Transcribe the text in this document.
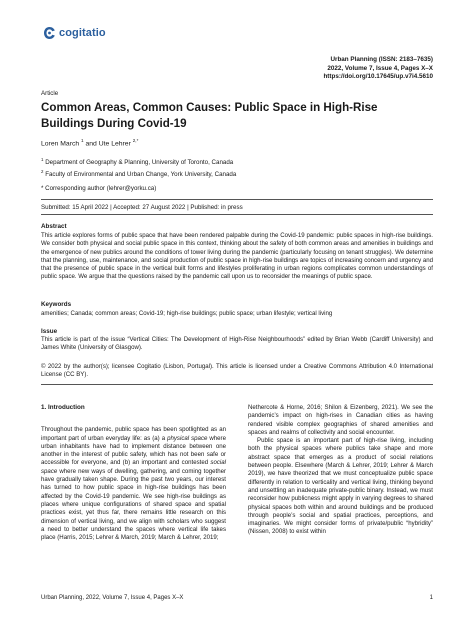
cogitatio
Urban Planning (ISSN: 2183–7635)
2022, Volume 7, Issue 4, Pages X–X
https://doi.org/10.17645/up.v7i4.5610
Article
Common Areas, Common Causes: Public Space in High-Rise Buildings During Covid-19
Loren March $^1$ and Ute Lehrer $^{2,*}$
$^1$ Department of Geography & Planning, University of Toronto, Canada
$^2$ Faculty of Environmental and Urban Change, York University, Canada
* Corresponding author (lehrer@yorku.ca)
Submitted: 15 April 2022 | Accepted: 27 August 2022 | Published: in press
Abstract

This article explores forms of public space that have been rendered palpable during the Covid-19 pandemic: public spaces in high-rise buildings. We consider both physical and social public space in this context, thinking about the safety of both common areas and amenities in buildings and the emergence of new publics around the conditions of tower living during the pandemic (particularly focusing on tenant struggles). We determine that the planning, use, maintenance, and social production of public space in high-rise buildings are topics of increasing concern and urgency and that the presence of public space in the vertical built forms and lifestyles proliferating in urban regions complicates common understandings of public space. We argue that the questions raised by the pandemic call upon us to reconsider the meanings of public space.

Keywords

amenities; Canada; common areas; Covid-19; high-rise buildings; public space; urban lifestyle; vertical living

Issue

This article is part of the issue “Vertical Cities: The Development of High-Rise Neighbourhoods” edited by Brian Webb (Cardiff University) and James White (University of Glasgow).

© 2022 by the author(s); licensee Cogitatio (Lisbon, Portugal). This article is licensed under a Creative Commons Attribution 4.0 International License (CC BY).

1. Introduction

Throughout the pandemic, public space has been spotlighted as an important part of urban everyday life: as (a) a physical space where urban inhabitants have had to implement distance between one another in the interest of public safety, which has not been safe or accessible for everyone, and (b) an important and contested social space where new ways of dwelling, gathering, and coming together have gradually taken shape. During the past two years, our interest has turned to how public space in high-rise buildings has been affected by the Covid-19 pandemic. We see high-rise buildings as places where unique configurations of shared space and spatial practices exist, yet thus far, there remains little research on this dimension of vertical living, and we align with scholars who suggest a need to better understand the spaces where vertical life takes place (Harris, 2015; Lehrer & March, 2019; March & Lehrer, 2019;

Nethercote & Horne, 2016; Shilon & Eizenberg, 2021). We see the pandemic’s impact on high-rises in Canadian cities as having rendered visible complex geographies of shared amenities and spaces and realms of collectivity and social encounter.

Public space is an important part of high-rise living, including both the physical spaces where publics take shape and more abstract space that emerges as a product of social relations between people. Elsewhere (March & Lehrer, 2019; Lehrer & March 2019), we have theorized that we must conceptualize public space differently in relation to verticality and vertical living, thinking beyond and unsettling an inadequate private-public binary. Instead, we must reconsider how publicness might apply in varying degrees to shared physical spaces both within and around buildings and be produced through people’s social and spatial practices, perceptions, and imaginaries. We might consider forms of private/public “hybridity” (Nissen, 2008) to exist within

Urban Planning, 2022, Volume 7, Issue 4, Pages X–X	1
